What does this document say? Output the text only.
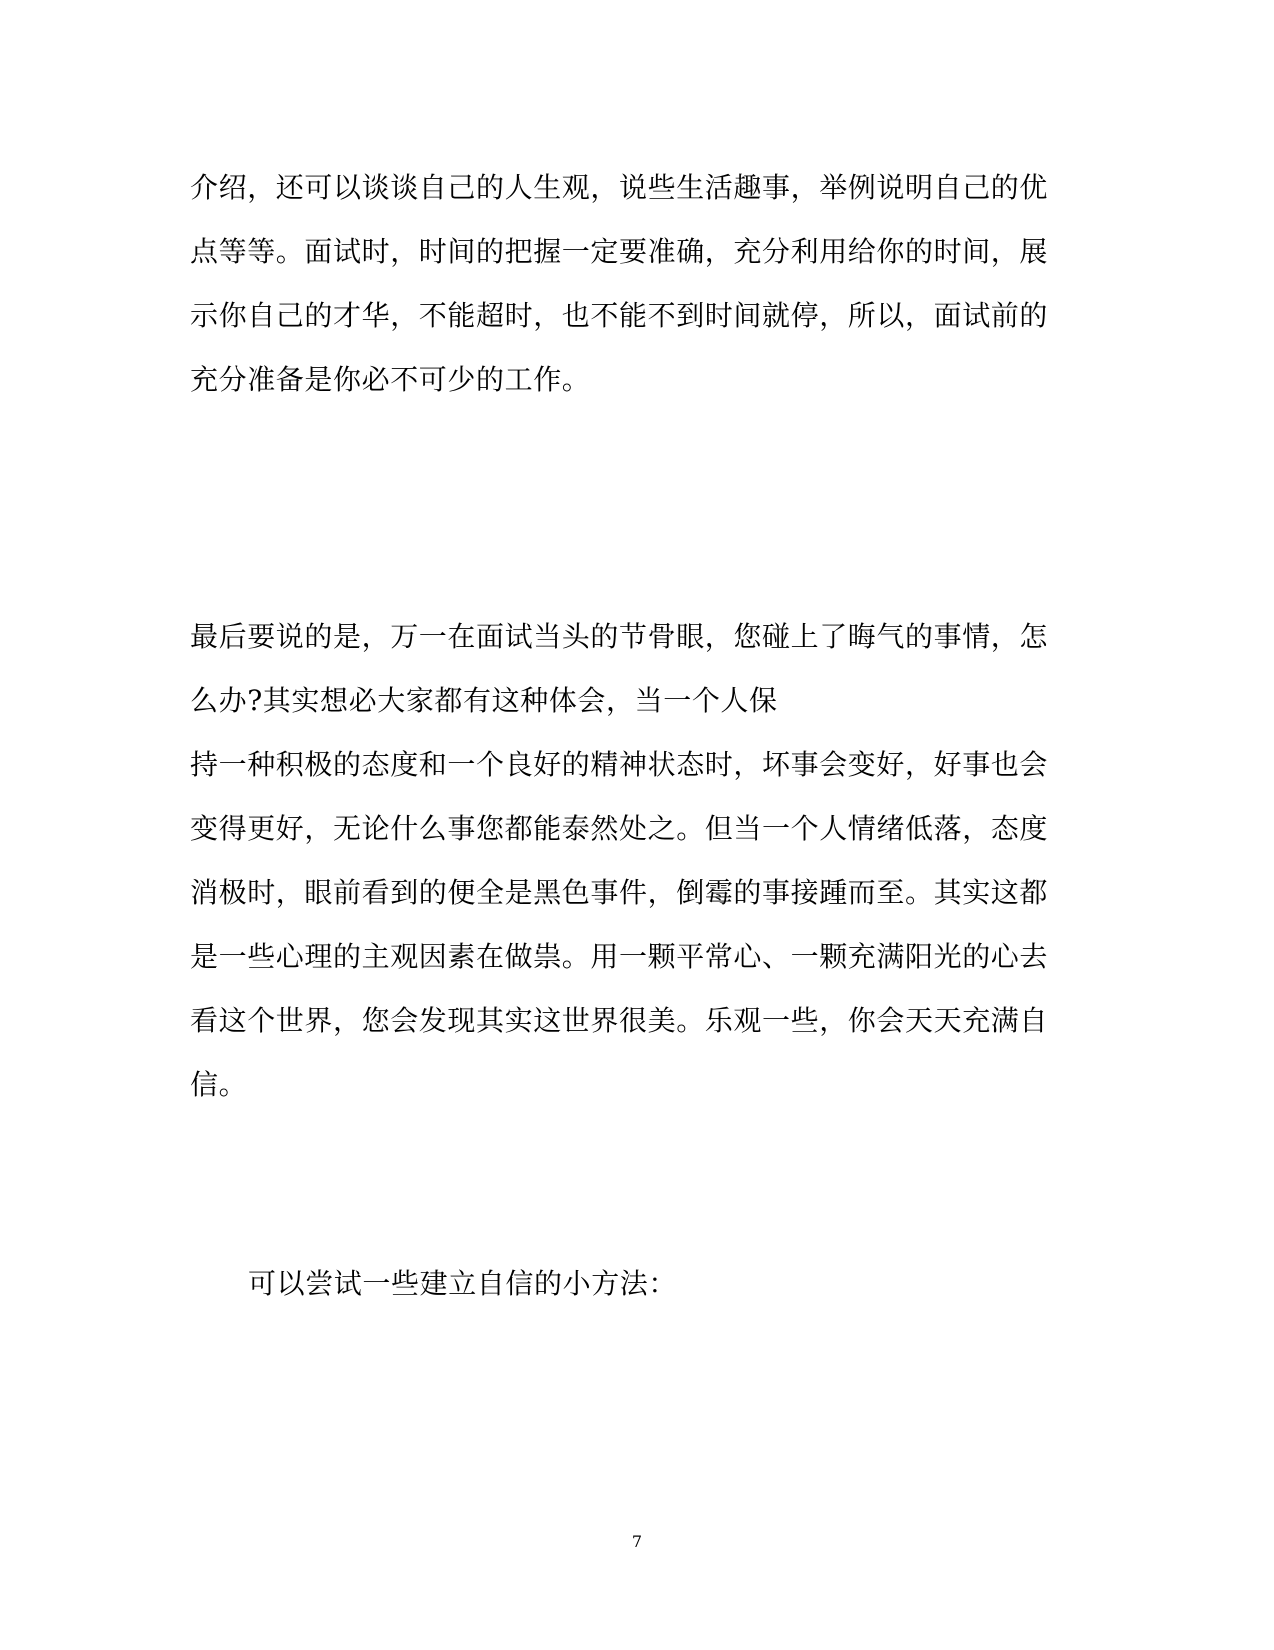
介绍，还可以谈谈自己的人生观，说些生活趣事，举例说明自己的优

点等等。面试时，时间的把握一定要准确，充分利用给你的时间，展

示你自己的才华，不能超时，也不能不到时间就停，所以，面试前的

充分准备是你必不可少的工作。

最后要说的是，万一在面试当头的节骨眼，您碰上了晦气的事情，怎

么办?其实想必大家都有这种体会，当一个人保

持一种积极的态度和一个良好的精神状态时，坏事会变好，好事也会

变得更好，无论什么事您都能泰然处之。但当一个人情绪低落，态度

消极时，眼前看到的便全是黑色事件，倒霉的事接踵而至。其实这都

是一些心理的主观因素在做祟。用一颗平常心、一颗充满阳光的心去

看这个世界，您会发现其实这世界很美。乐观一些，你会天天充满自

信。

可以尝试一些建立自信的小方法：

7
